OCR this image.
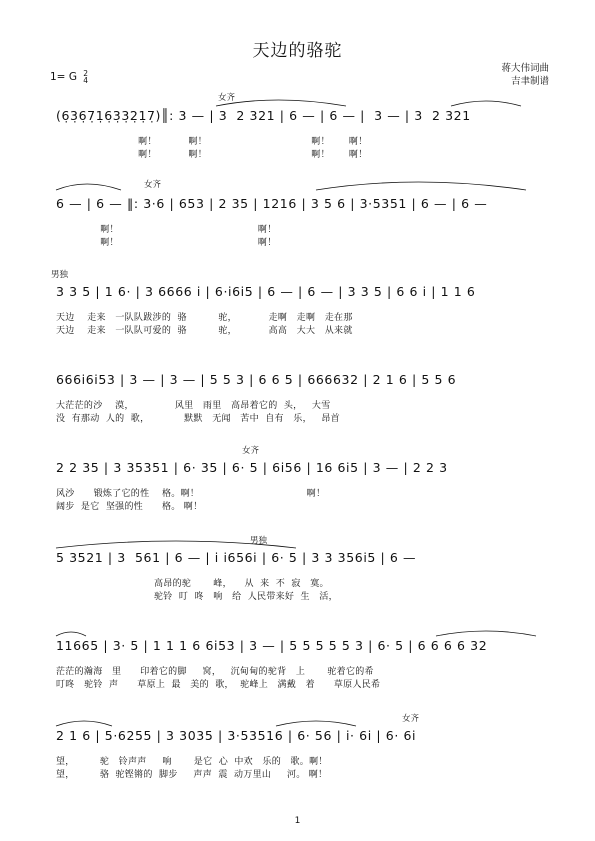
天边的骆驼
蒋大伟词曲
吉聿制谱
1= G 2
4
女齐
(6̣3̣6̣7̣1̣6̣3̣3̣2̣1̣7̣)║: 3 — | 3  2 321 | 6 — | 6 — |  3 — | 3  2 321
啊！          啊！                                 啊！      啊！
啊！          啊！                                 啊！      啊！
女齐
6 — | 6 — ‖: 3·6 | 653 | 2 35 | 1216 | 3 5 6 | 3·5351 | 6 — | 6 —
啊！                                            啊！
啊！                                            啊！
男独
3 3 5 | 1 6· | 3 6666 i | 6·i6i5 | 6 — | 6 — | 3 3 5 | 6 6 i | 1 1 6
天边    走来   一队队跋涉的  骆          驼，          走啊   走啊   走在那
天边    走来   一队队可爱的  骆          驼，          高高   大大   从来就
666i6i53 | 3 — | 3 — | 5 5 3 | 6 6 5 | 666632 | 2 1 6 | 5 5 6
大茫茫的沙    漠，             风里   雨里   高昂着它的  头，   大雪
没  有那动  人的  歌，           默默   无闻   苦中  自有   乐，   昂首
女齐
2 2 35 | 3 35351 | 6· 35 | 6· 5 | 6i56 | 16 6i5 | 3 — | 2 2 3
风沙      锻炼了它的性    格。啊！                                  啊！
阔步  是它  坚强的性      格。 啊！
男独
5 3521 | 3  561 | 6 — | i i656i | 6· 5 | 3 3 356i5 | 6 —
高昂的驼       峰，    从  来  不  寂   寞。
驼铃  叮  咚   响   给  人民带来好  生   活，
11665 | 3· 5 | 1 1 1 6 6i53 | 3 — | 5 5 5 5 5 3 | 6· 5 | 6 6 6 6 32
茫茫的瀚海   里      印着它的脚     窝，   沉甸甸的驼背   上       驼着它的希
叮咚   驼铃  声      草原上  最   美的  歌，  驼峰上   满戴   着      草原人民希
女齐
2 1 6 | 5·6255 | 3 3035 | 3·53516 | 6· 56 | i· 6i | 6· 6i
望，        驼   铃声声     响       是它  心  中欢   乐的   歌。啊！
望，        骆  驼铿锵的  脚步     声声  震  动万里山     河。 啊！
1
